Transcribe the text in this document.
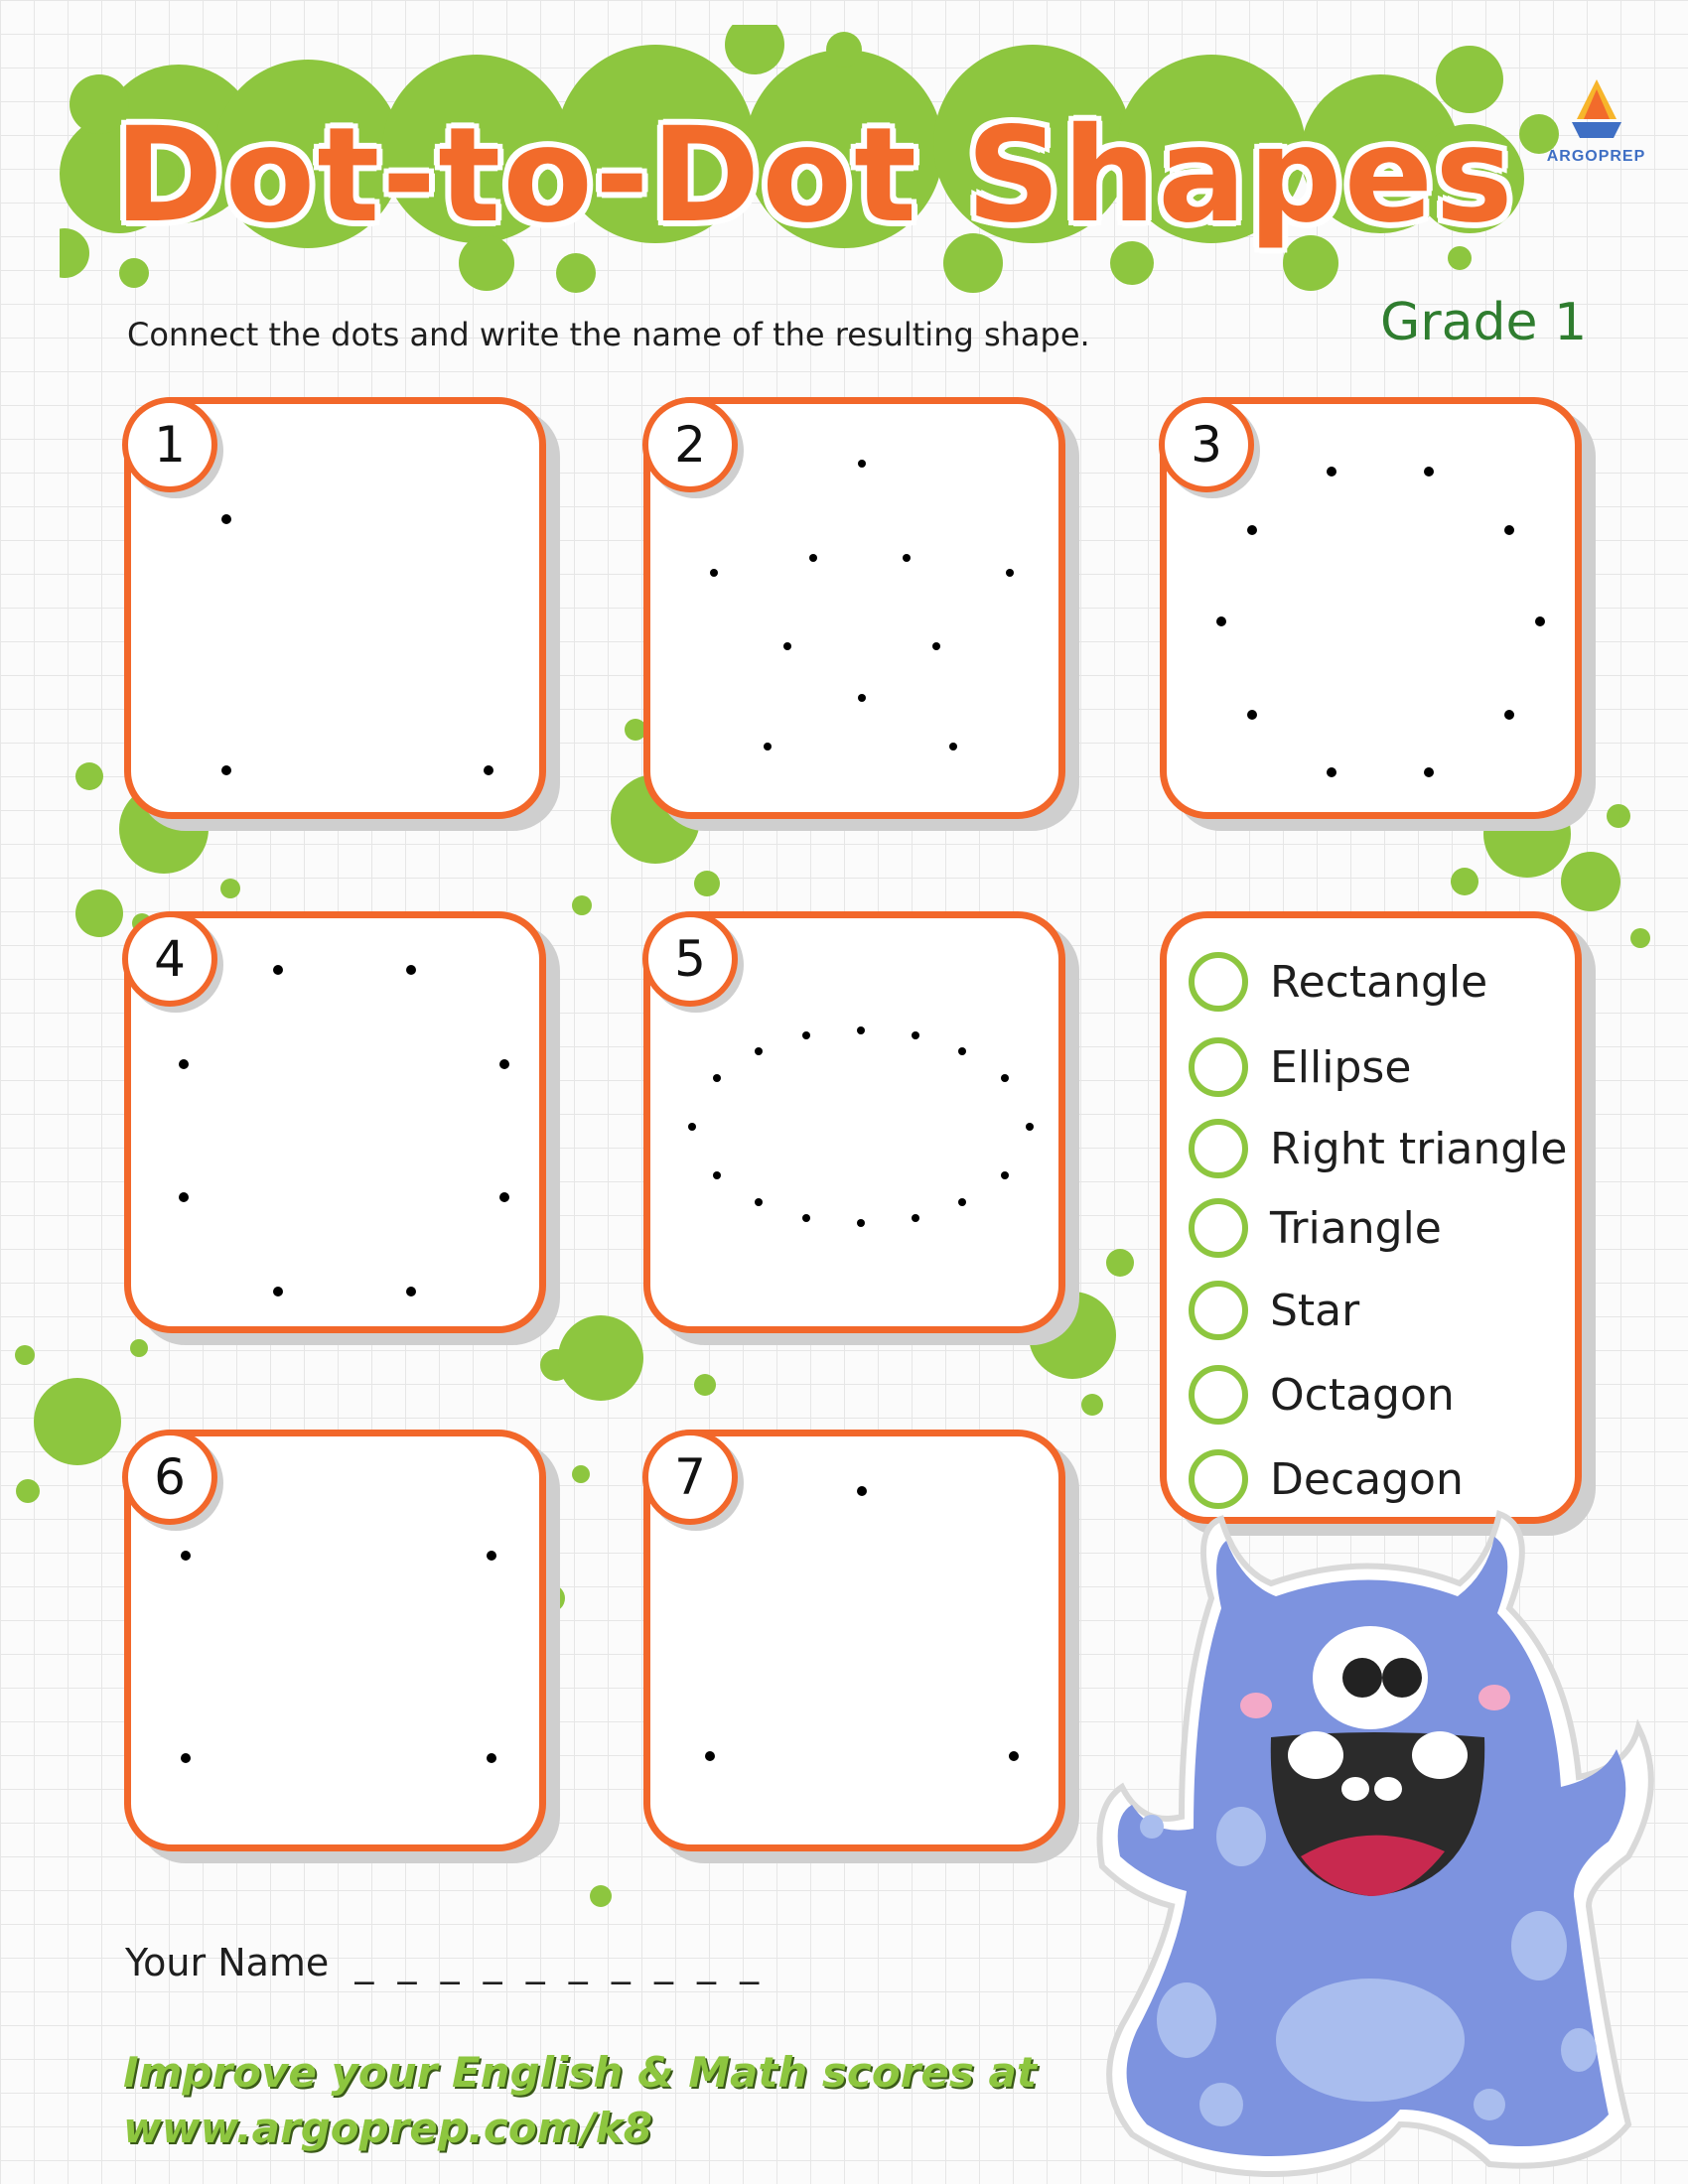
Dot-to-Dot Shapes	ARGOPREP
Connect the dots and write the name of the resulting shape.	Grade 1
1	2	3
4	5	Rectangle
Ellipse
Right triangle
Triangle
Star
Octagon
Decagon
6	7
Your Name _ _ _ _ _ _ _ _ _ _
Improve your English & Math scores at
www.argoprep.com/k8
